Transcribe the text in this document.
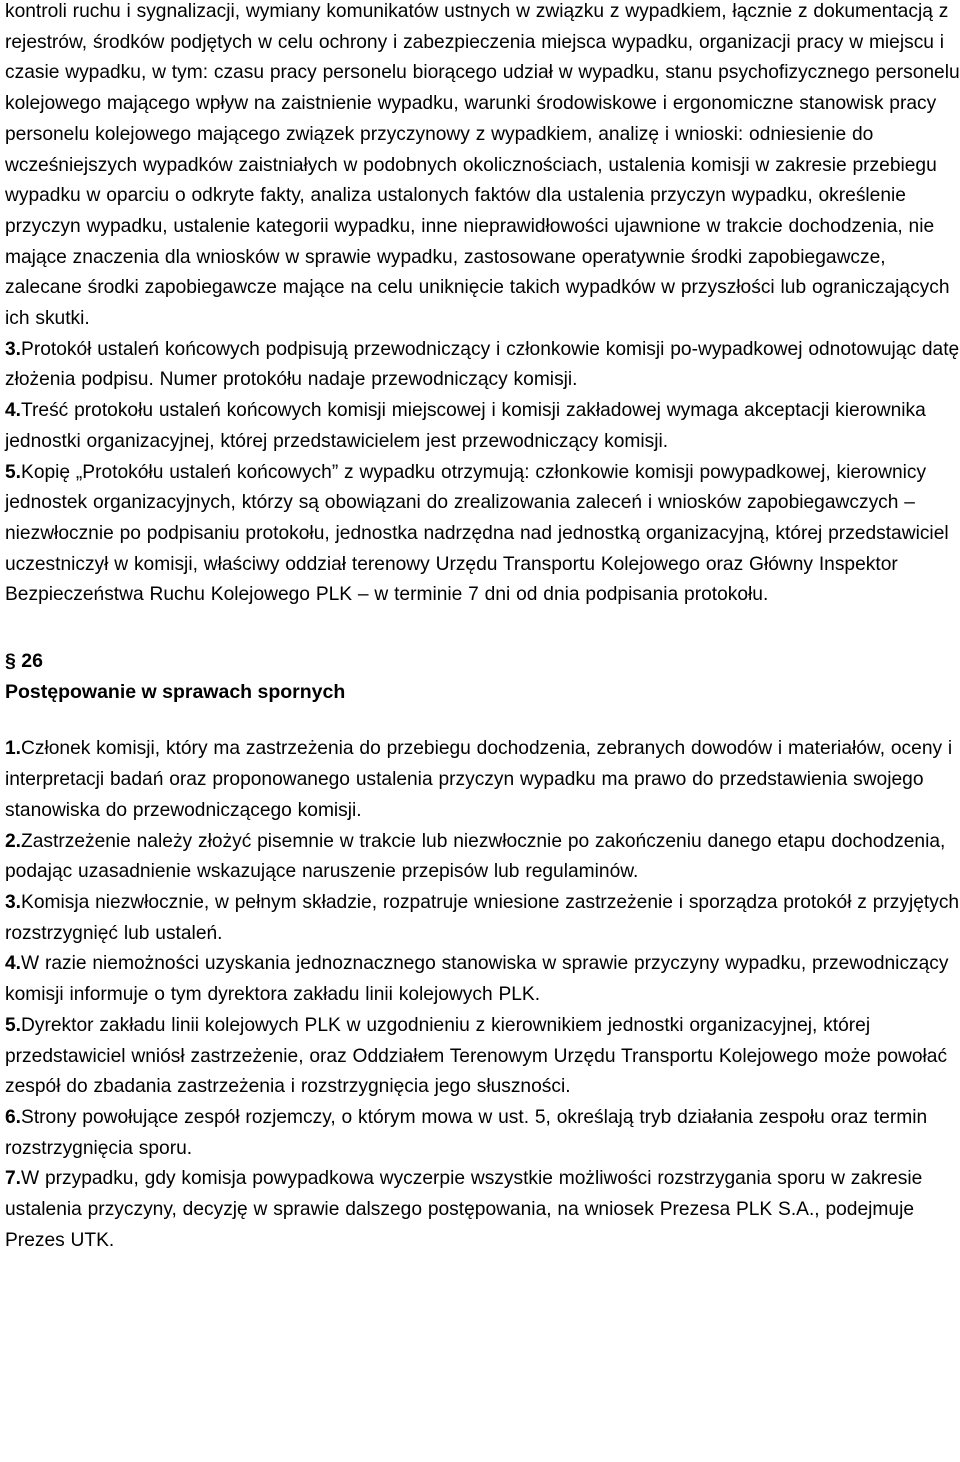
kontroli ruchu i sygnalizacji, wymiany komunikatów ustnych w związku z wypadkiem, łącznie z dokumentacją z rejestrów, środków podjętych w celu ochrony i zabezpieczenia miejsca wypadku, organizacji pracy w miejscu i czasie wypadku, w tym: czasu pracy personelu biorącego udział w wypadku, stanu psychofizycznego personelu kolejowego mającego wpływ na zaistnienie wypadku, warunki środowiskowe i ergonomiczne stanowisk pracy personelu kolejowego mającego związek przyczynowy z wypadkiem, analizę i wnioski: odniesienie do wcześniejszych wypadków zaistniałych w podobnych okolicznościach, ustalenia komisji w zakresie przebiegu wypadku w oparciu o odkryte fakty, analiza ustalonych faktów dla ustalenia przyczyn wypadku, określenie przyczyn wypadku, ustalenie kategorii wypadku, inne nieprawidłowości ujawnione w trakcie dochodzenia, nie mające znaczenia dla wniosków w sprawie wypadku, zastosowane operatywnie środki zapobiegawcze, zalecane środki zapobiegawcze mające na celu uniknięcie takich wypadków w przyszłości lub ograniczających ich skutki.

3.Protokół ustaleń końcowych podpisują przewodniczący i członkowie komisji po-wypadkowej odnotowując datę złożenia podpisu. Numer protokółu nadaje przewodniczący komisji.

4.Treść protokołu ustaleń końcowych komisji miejscowej i komisji zakładowej wymaga akceptacji kierownika jednostki organizacyjnej, której przedstawicielem jest przewodniczący komisji.

5.Kopię „Protokółu ustaleń końcowych” z wypadku otrzymują: członkowie komisji powypadkowej, kierownicy jednostek organizacyjnych, którzy są obowiązani do zrealizowania zaleceń i wniosków zapobiegawczych – niezwłocznie po podpisaniu protokołu, jednostka nadrzędna nad jednostką organizacyjną, której przedstawiciel uczestniczył w komisji, właściwy oddział terenowy Urzędu Transportu Kolejowego oraz Główny Inspektor Bezpieczeństwa Ruchu Kolejowego PLK – w terminie 7 dni od dnia podpisania protokołu.

§ 26
Postępowanie w sprawach spornych

1.Członek komisji, który ma zastrzeżenia do przebiegu dochodzenia, zebranych dowodów i materiałów, oceny i interpretacji badań oraz proponowanego ustalenia przyczyn wypadku ma prawo do przedstawienia swojego stanowiska do przewodniczącego komisji.

2.Zastrzeżenie należy złożyć pisemnie w trakcie lub niezwłocznie po zakończeniu danego etapu dochodzenia, podając uzasadnienie wskazujące naruszenie przepisów lub regulaminów.

3.Komisja niezwłocznie, w pełnym składzie, rozpatruje wniesione zastrzeżenie i sporządza protokół z przyjętych rozstrzygnięć lub ustaleń.

4.W razie niemożności uzyskania jednoznacznego stanowiska w sprawie przyczyny wypadku, przewodniczący komisji informuje o tym dyrektora zakładu linii kolejowych PLK.

5.Dyrektor zakładu linii kolejowych PLK w uzgodnieniu z kierownikiem jednostki organizacyjnej, której przedstawiciel wniósł zastrzeżenie, oraz Oddziałem Terenowym Urzędu Transportu Kolejowego może powołać zespół do zbadania zastrzeżenia i rozstrzygnięcia jego słuszności.

6.Strony powołujące zespół rozjemczy, o którym mowa w ust. 5, określają tryb działania zespołu oraz termin rozstrzygnięcia sporu.

7.W przypadku, gdy komisja powypadkowa wyczerpie wszystkie możliwości rozstrzygania sporu w zakresie ustalenia przyczyny, decyzję w sprawie dalszego postępowania, na wniosek Prezesa PLK S.A., podejmuje Prezes UTK.
